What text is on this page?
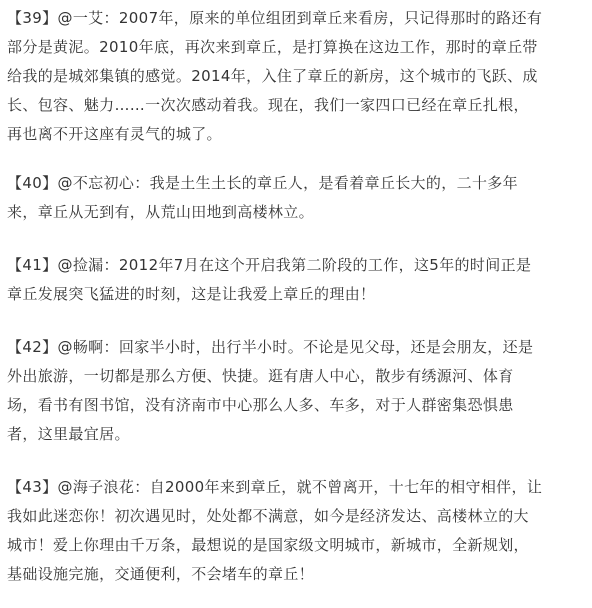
【39】@一艾：2007年，原来的单位组团到章丘来看房，只记得那时的路还有
部分是黄泥。2010年底，再次来到章丘，是打算换在这边工作，那时的章丘带
给我的是城郊集镇的感觉。2014年，入住了章丘的新房，这个城市的飞跃、成
长、包容、魅力……一次次感动着我。现在，我们一家四口已经在章丘扎根，
再也离不开这座有灵气的城了。
【40】@不忘初心：我是土生土长的章丘人，是看着章丘长大的，二十多年
来，章丘从无到有，从荒山田地到高楼林立。
【41】@捡漏：2012年7月在这个开启我第二阶段的工作，这5年的时间正是
章丘发展突飞猛进的时刻，这是让我爱上章丘的理由！
【42】@畅啊：回家半小时，出行半小时。不论是见父母，还是会朋友，还是
外出旅游，一切都是那么方便、快捷。逛有唐人中心，散步有绣源河、体育
场，看书有图书馆，没有济南市中心那么人多、车多，对于人群密集恐惧患
者，这里最宜居。
【43】@海子浪花：自2000年来到章丘，就不曾离开，十七年的相守相伴，让
我如此迷恋你！初次遇见时，处处都不满意，如今是经济发达、高楼林立的大
城市！爱上你理由千万条，最想说的是国家级文明城市，新城市，全新规划，
基础设施完施，交通便利，不会堵车的章丘！
